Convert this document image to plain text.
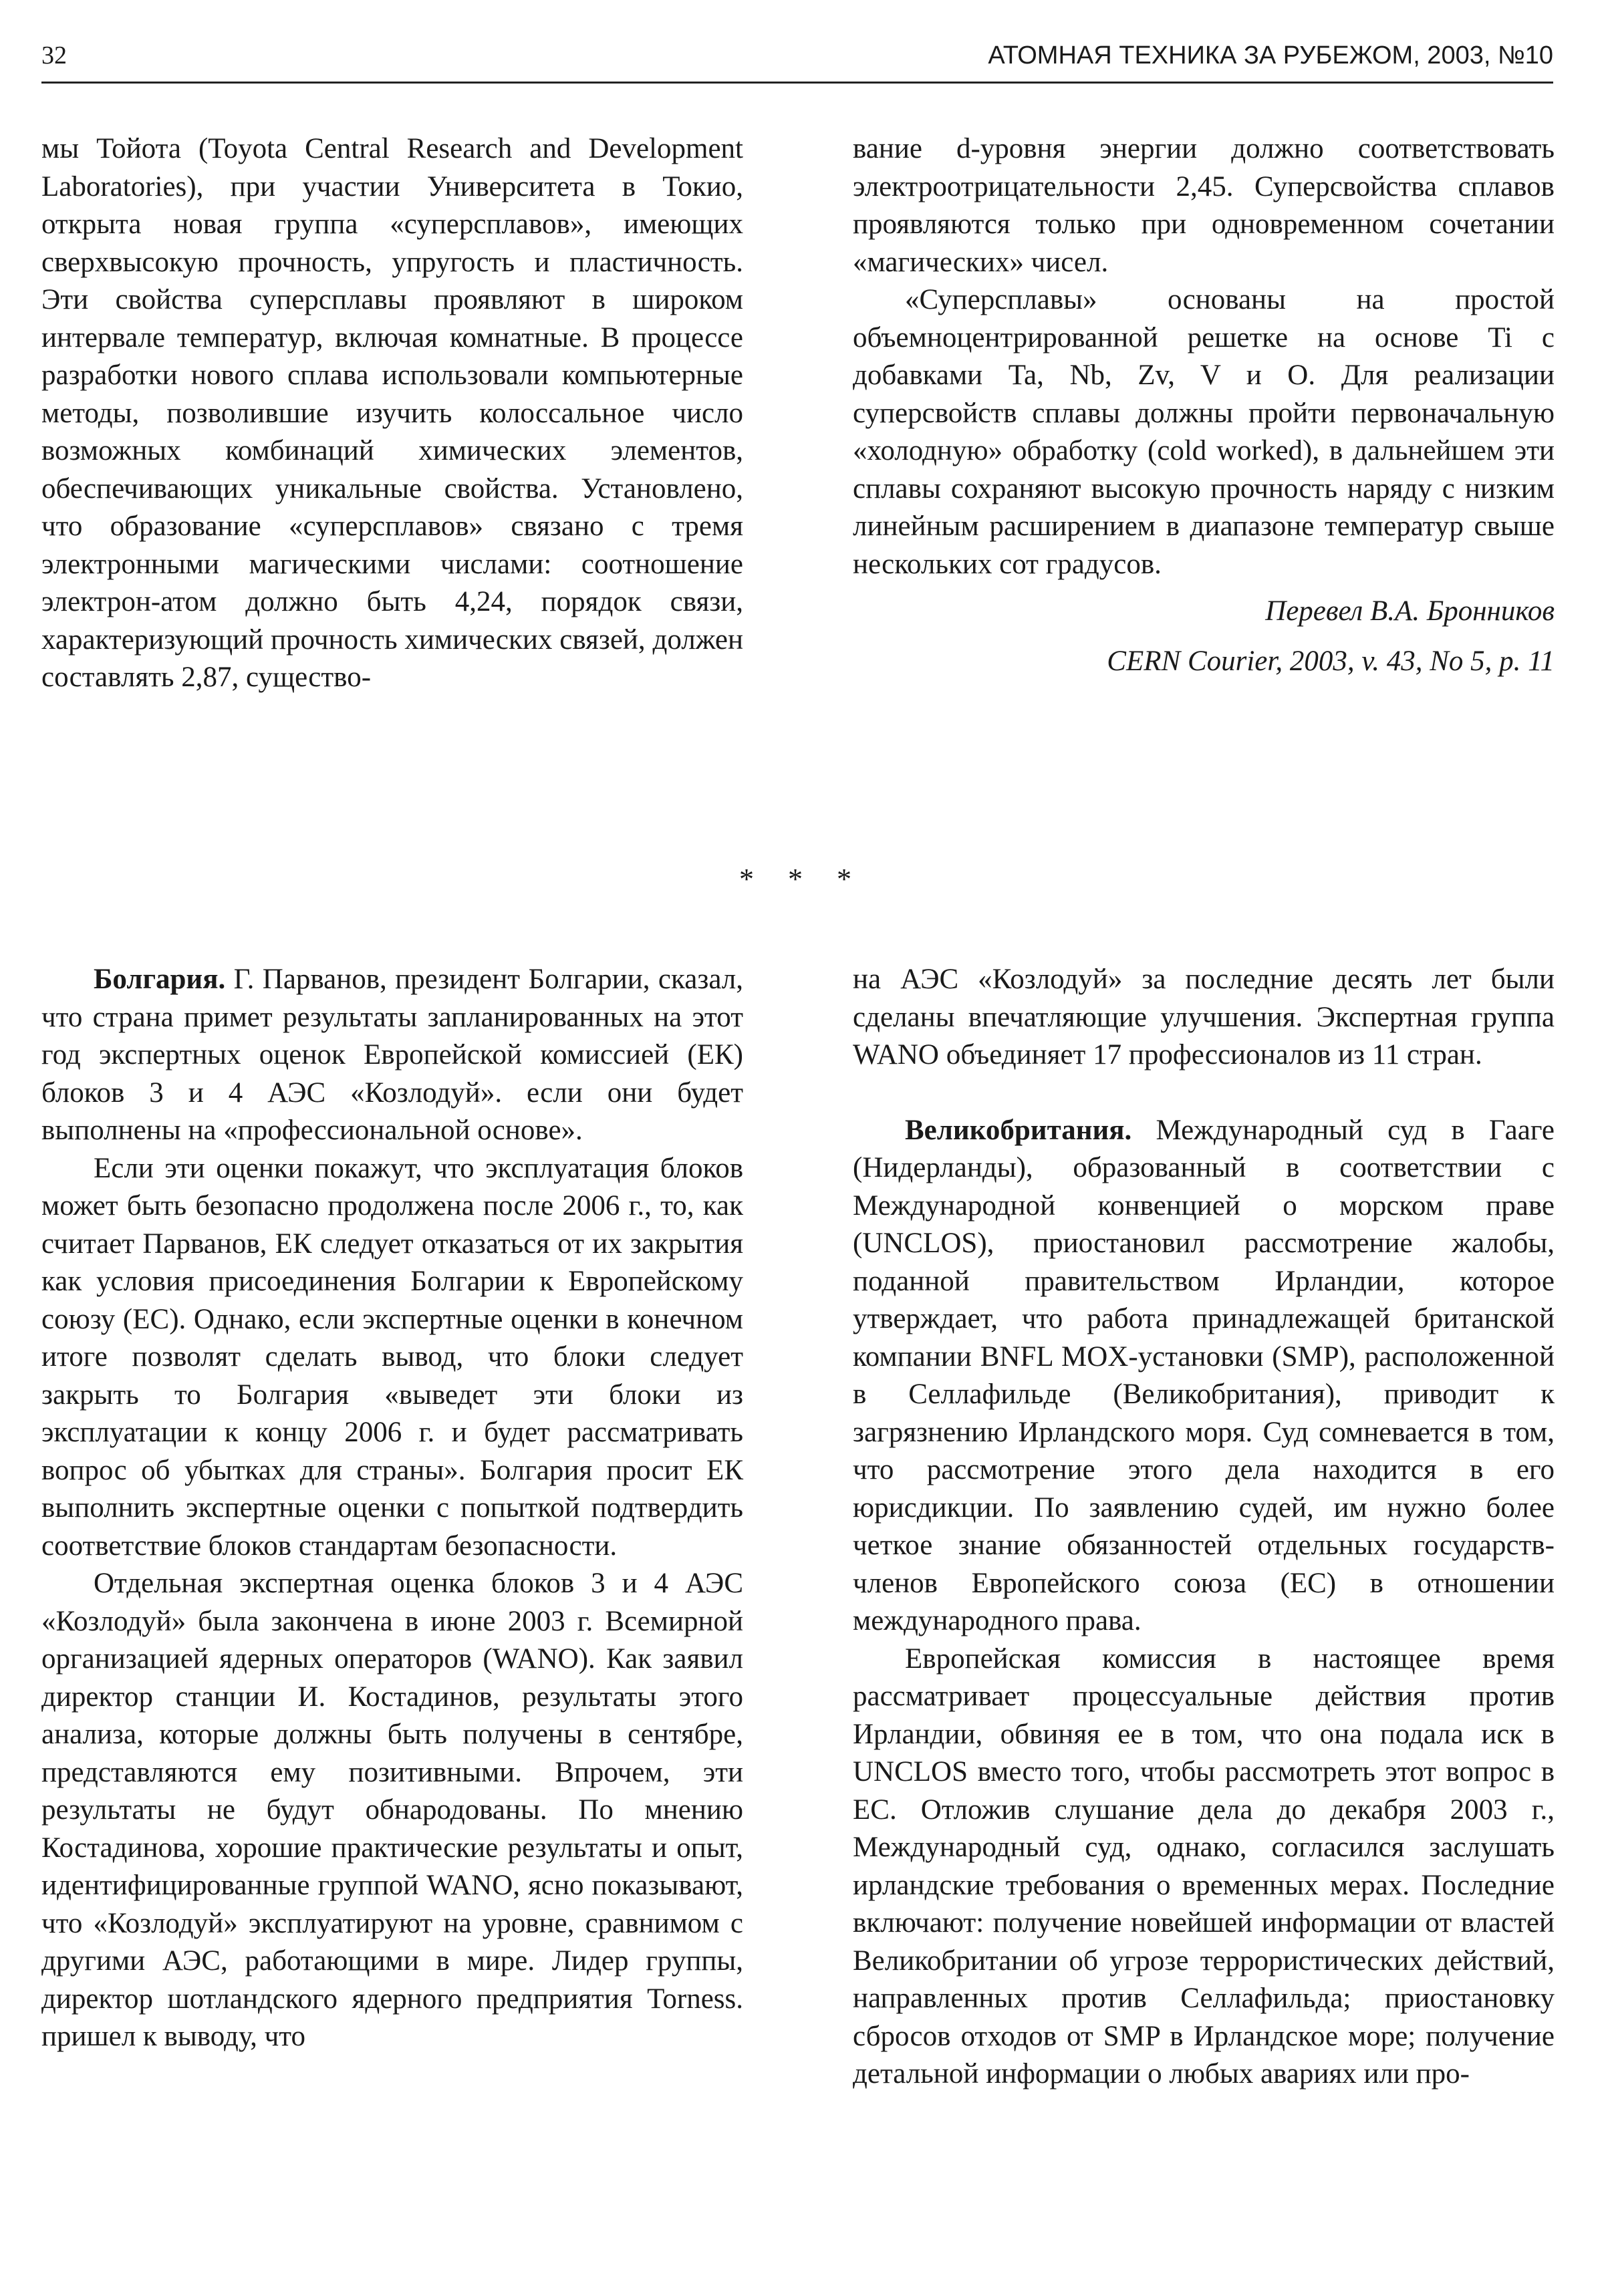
32	АТОМНАЯ ТЕХНИКА ЗА РУБЕЖОМ, 2003, №10

мы Тойота (Toyota Central Research and Development Laboratories), при участии Университета в Токио, открыта новая группа «суперсплавов», имеющих сверхвысокую прочность, упругость и пластичность. Эти свойства суперсплавы проявляют в широком интервале температур, включая комнатные. В процессе разработки нового сплава использовали компьютерные методы, позволившие изучить колоссальное число возможных комбинаций химических элементов, обеспечивающих уникальные свойства. Установлено, что образование «суперсплавов» связано с тремя электронными магическими числами: соотношение электрон-атом должно быть 4,24, порядок связи, характеризующий прочность химических связей, должен составлять 2,87, существо-

вание d-уровня энергии должно соответствовать электроотрицательности 2,45. Суперсвойства сплавов проявляются только при одновременном сочетании «магических» чисел.

«Суперсплавы» основаны на простой объемноцентрированной решетке на основе Ti с добавками Ta, Nb, Zv, V и O. Для реализации суперсвойств сплавы должны пройти первоначальную «холодную» обработку (cold worked), в дальнейшем эти сплавы сохраняют высокую прочность наряду с низким линейным расширением в диапазоне температур свыше нескольких сот градусов.

Перевел В.А. Бронников

CERN Courier, 2003, v. 43, No 5, p. 11

* * *

Болгария. Г. Парванов, президент Болгарии, сказал, что страна примет результаты запланированных на этот год экспертных оценок Европейской комиссией (ЕК) блоков 3 и 4 АЭС «Козлодуй». если они будет выполнены на «профессиональной основе».

Если эти оценки покажут, что эксплуатация блоков может быть безопасно продолжена после 2006 г., то, как считает Парванов, ЕК следует отказаться от их закрытия как условия присоединения Болгарии к Европейскому союзу (ЕС). Однако, если экспертные оценки в конечном итоге позволят сделать вывод, что блоки следует закрыть то Болгария «выведет эти блоки из эксплуатации к концу 2006 г. и будет рассматривать вопрос об убытках для страны». Болгария просит ЕК выполнить экспертные оценки с попыткой подтвердить соответствие блоков стандартам безопасности.

Отдельная экспертная оценка блоков 3 и 4 АЭС «Козлодуй» была закончена в июне 2003 г. Всемирной организацией ядерных операторов (WANO). Как заявил директор станции И. Костадинов, результаты этого анализа, которые должны быть получены в сентябре, представляются ему позитивными. Впрочем, эти результаты не будут обнародованы. По мнению Костадинова, хорошие практические результаты и опыт, идентифицированные группой WANO, ясно показывают, что «Козлодуй» эксплуатируют на уровне, сравнимом с другими АЭС, работающими в мире. Лидер группы, директор шотландского ядерного предприятия Torness. пришел к выводу, что

на АЭС «Козлодуй» за последние десять лет были сделаны впечатляющие улучшения. Экспертная группа WANO объединяет 17 профессионалов из 11 стран.

Великобритания. Международный суд в Гааге (Нидерланды), образованный в соответствии с Международной конвенцией о морском праве (UNCLOS), приостановил рассмотрение жалобы, поданной правительством Ирландии, которое утверждает, что работа принадлежащей британской компании BNFL MOX-установки (SMP), расположенной в Селлафильде (Великобритания), приводит к загрязнению Ирландского моря. Суд сомневается в том, что рассмотрение этого дела находится в его юрисдикции. По заявлению судей, им нужно более четкое знание обязанностей отдельных государств-членов Европейского союза (ЕС) в отношении международного права.

Европейская комиссия в настоящее время рассматривает процессуальные действия против Ирландии, обвиняя ее в том, что она подала иск в UNCLOS вместо того, чтобы рассмотреть этот вопрос в ЕС. Отложив слушание дела до декабря 2003 г., Международный суд, однако, согласился заслушать ирландские требования о временных мерах. Последние включают: получение новейшей информации от властей Великобритании об угрозе террористических действий, направленных против Селлафильда; приостановку сбросов отходов от SMP в Ирландское море; получение детальной информации о любых авариях или про-
